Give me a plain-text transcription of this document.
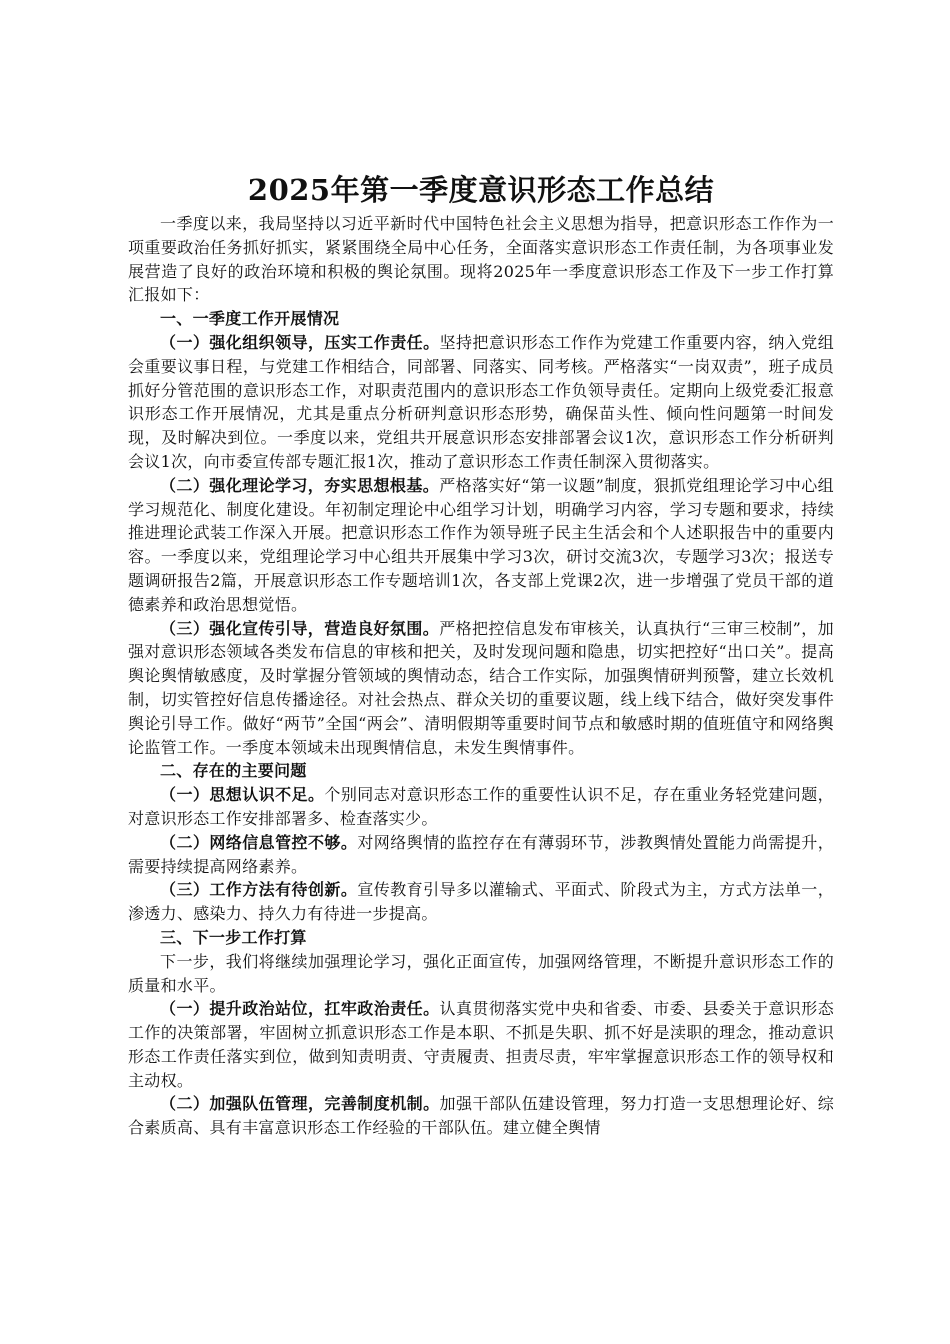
2025年第一季度意识形态工作总结

一季度以来，我局坚持以习近平新时代中国特色社会主义思想为指导，把意识形态工作作为一项重要政治任务抓好抓实，紧紧围绕全局中心任务，全面落实意识形态工作责任制，为各项事业发展营造了良好的政治环境和积极的舆论氛围。现将2025年一季度意识形态工作及下一步工作打算汇报如下：

一、一季度工作开展情况

（一）强化组织领导，压实工作责任。坚持把意识形态工作作为党建工作重要内容，纳入党组会重要议事日程，与党建工作相结合，同部署、同落实、同考核。严格落实“一岗双责”，班子成员抓好分管范围的意识形态工作，对职责范围内的意识形态工作负领导责任。定期向上级党委汇报意识形态工作开展情况，尤其是重点分析研判意识形态形势，确保苗头性、倾向性问题第一时间发现，及时解决到位。一季度以来，党组共开展意识形态安排部署会议1次，意识形态工作分析研判会议1次，向市委宣传部专题汇报1次，推动了意识形态工作责任制深入贯彻落实。

（二）强化理论学习，夯实思想根基。严格落实好“第一议题”制度，狠抓党组理论学习中心组学习规范化、制度化建设。年初制定理论中心组学习计划，明确学习内容，学习专题和要求，持续推进理论武装工作深入开展。把意识形态工作作为领导班子民主生活会和个人述职报告中的重要内容。一季度以来，党组理论学习中心组共开展集中学习3次，研讨交流3次，专题学习3次；报送专题调研报告2篇，开展意识形态工作专题培训1次，各支部上党课2次，进一步增强了党员干部的道德素养和政治思想觉悟。

（三）强化宣传引导，营造良好氛围。严格把控信息发布审核关，认真执行“三审三校制”，加强对意识形态领域各类发布信息的审核和把关，及时发现问题和隐患，切实把控好“出口关”。提高舆论舆情敏感度，及时掌握分管领域的舆情动态，结合工作实际，加强舆情研判预警，建立长效机制，切实管控好信息传播途径。对社会热点、群众关切的重要议题，线上线下结合，做好突发事件舆论引导工作。做好“两节”全国“两会”、清明假期等重要时间节点和敏感时期的值班值守和网络舆论监管工作。一季度本领域未出现舆情信息，未发生舆情事件。

二、存在的主要问题

（一）思想认识不足。个别同志对意识形态工作的重要性认识不足，存在重业务轻党建问题，对意识形态工作安排部署多、检查落实少。

（二）网络信息管控不够。对网络舆情的监控存在有薄弱环节，涉教舆情处置能力尚需提升，需要持续提高网络素养。

（三）工作方法有待创新。宣传教育引导多以灌输式、平面式、阶段式为主，方式方法单一，渗透力、感染力、持久力有待进一步提高。

三、下一步工作打算

下一步，我们将继续加强理论学习，强化正面宣传，加强网络管理，不断提升意识形态工作的质量和水平。

（一）提升政治站位，扛牢政治责任。认真贯彻落实党中央和省委、市委、县委关于意识形态工作的决策部署，牢固树立抓意识形态工作是本职、不抓是失职、抓不好是渎职的理念，推动意识形态工作责任落实到位，做到知责明责、守责履责、担责尽责，牢牢掌握意识形态工作的领导权和主动权。

（二）加强队伍管理，完善制度机制。加强干部队伍建设管理，努力打造一支思想理论好、综合素质高、具有丰富意识形态工作经验的干部队伍。建立健全舆情
